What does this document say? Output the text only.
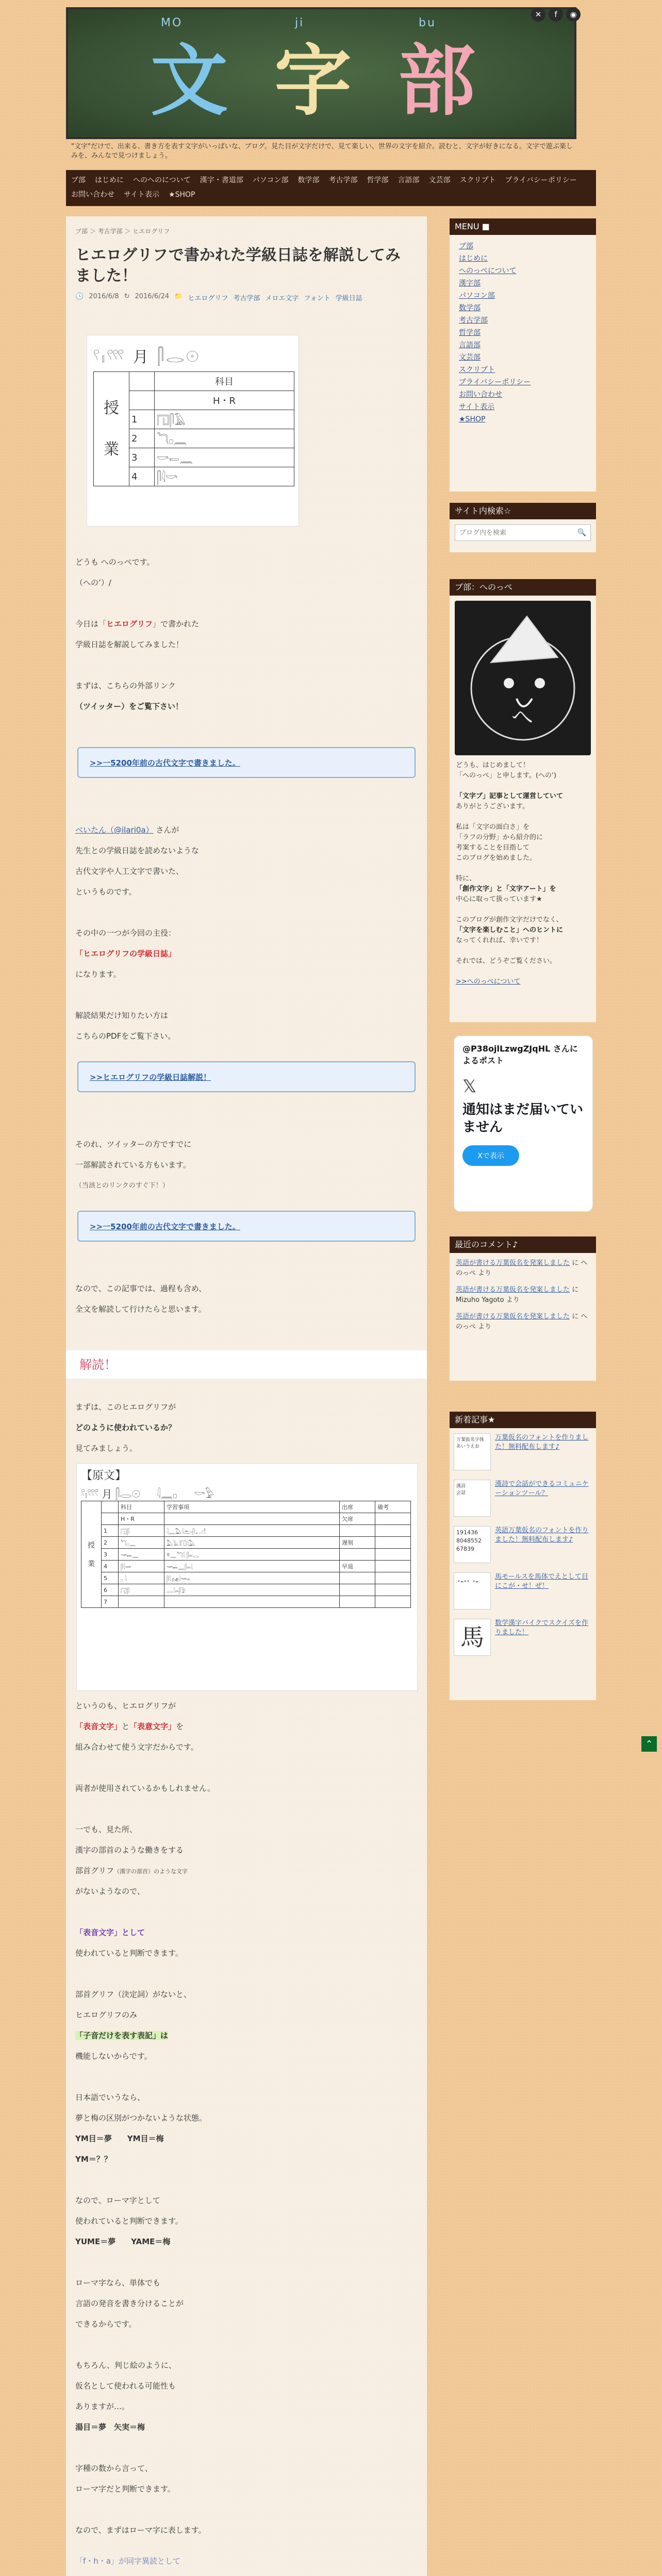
MO	ji	bu
文 字 部
✕	f	◉
"文字"だけで、出来る、書き方を表す文字がいっぱいな、ブログ。見た目が文字だけで、見て楽しい、世界の文字を紹介。読むと、文字が好きになる。文字で遊ぶ楽しみを、みんなで見つけましょう。
ブ部 はじめに へのへのについて 漢字・書道部 パソコン部 数学部 考古学部 哲学部 言語部 文芸部 スクリプト プライバシーポリシー
お問い合わせ サイト表示 ★SHOP
ブ部 ＞ 考古学部 ＞ ヒエログリフ
ヒエログリフで書かれた学級日誌を解説してみました！
🕓 2016/6/8 ↻ 2016/6/24 📁 ヒエログリフ 考古学部 メロエ文字 フォント 学級日誌
𓍢𓏤𓍤 月 𓋴𓂋𓇳
授
業		科目
		H・R
	1	𓉔𓋴𓄿
	2	𓆓𓊪𓈖
	3	𓎡𓍿𓈖
	4	𓋴𓇋𓎡
どうも へのっぺです。
（へのʼ）/
今日は「ヒエログリフ」で書かれた
学級日誌を解説してみました！
まずは、こちらの外部リンク
（ツイッター）をご覧下さい！
>>一5200年前の古代文字で書きました。
べいたん（@ilari0a） さんが
先生との学級日誌を読めないような
古代文字や人工文字で書いた、
というものです。
その中の一つが今回の主役：
「ヒエログリフの学級日誌」
になります。
解読結果だけ知りたい方は
こちらのPDFをご覧下さい。
>>ヒエログリフの学級日誌解説！
そのれ、ツイッターの方ですでに
一部解読されている方もいます。
（当該とのリンクのすぐ下！）
>>一5200年前の古代文字で書きました。
なので、この記事では、過程も含め、
全文を解読して行けたらと思います。
解読！
まずは、このヒエログリフが
どのように使われているか？
見てみましょう。
【原文】
𓍢𓏤𓍤 月 𓋴𓂋𓇳 　 𓇋𓈖𓊪 　 𓎡𓅱
授

業		科目	学習事項	出席	備考
		H・R		欠席	
	1	𓉔𓋴	𓇋𓈖𓅓𓇋𓂧𓋴𓂝𓎛		
	2	𓆓𓊪𓈖	𓅓𓄿𓇋𓉔𓇋𓅓	遅刻	
	3	𓎡𓍿𓈖	𓎼𓈖𓆓𓇋 𓋴𓏏𓂋		
	4	𓋴𓇋𓎡	𓎡𓍿𓈖𓋴𓏏𓇋	早退	
	5	𓊪 𓇋	𓋴𓇋𓃭𓇋𓎡𓏏		
	6	𓉔𓋴	𓂋𓇋𓏏𓋴𓅱		
	7				
というのも、ヒエログリフが
「表音文字」と「表意文字」を
組み合わせて使う文字だからです。
両者が使用されているかもしれません。
一でも、見た所、
漢字の部首のような働きをする
部首グリフ（漢字の部首）のような文字
がないようなので、
「表音文字」として
使われていると判断できます。
部首グリフ（決定詞）がないと、
ヒエログリフのみ
「子音だけを表す表記」は
機能しないからです。
日本語でいうなら、
夢と梅の区別がつかないような状態。
YM目＝夢　　YM目＝梅
YM＝？？
なので、ローマ字として
使われていると判断できます。
YUME＝夢　　YAME＝梅
ローマ字なら、単体でも
言語の発音を書き分けることが
できるからです。
もちろん、判じ絵のように、
仮名として使われる可能性も
ありますが…。
湯目＝夢　矢実＝梅
字種の数から言って、
ローマ字だと判断できます。
なので、まずはローマ字に表します。
「f・h・a」が同字異読として

MENU ■
ブ部
はじめに
へのっぺについて
漢字部
パソコン部
数学部
考古学部
哲学部
言語部
文芸部
スクリプト
プライバシーポリシー
お問い合わせ
サイト表示
★SHOP
サイト内検索☆
ブログ内を検索
🔍
ブ部：へのっぺ
へ
どうも、はじめまして！
「へのっぺ」と申します。(へのʼ)

「文字ブ」記事として運営していて
ありがとうございます。

私は「文字の面白さ」を
「ラフの分野」から紹介的に
考案することを目指して
このブログを始めました。

特に、
「創作文字」と「文字アート」を
中心に取って扱っています★

このブログが創作文字だけでなく、
「文字を楽しむこと」へのヒントに
なってくれれば、幸いです！

それでは、どうぞご覧ください。

>>へのっぺについて
@P38ojlLzwgZJqHL さんによるポスト
𝕏
通知はまだ届いていません
Xで表示
最近のコメント♪
英語が書ける万葉仮名を発案しました に へのっぺ より
英語が書ける万葉仮名を発案しました に Mizuho Yagoto より
英語が書ける万葉仮名を発案しました に へのっぺ より
新着記事★
万葉仮名字体
あいうえお
万葉仮名のフォントを作りました！無料配布します♪
漢詩
会話
漢詩で会話ができるコミュニケーションツール？
191436
8048552
67839
英語万葉仮名のフォントを作りました！無料配布します♪
·-·· ·-	馬モールスを馬体でえとして目にこが・せ！ぜ！
馬
数学漢字バイクでスクイズを作りました！
⌃
